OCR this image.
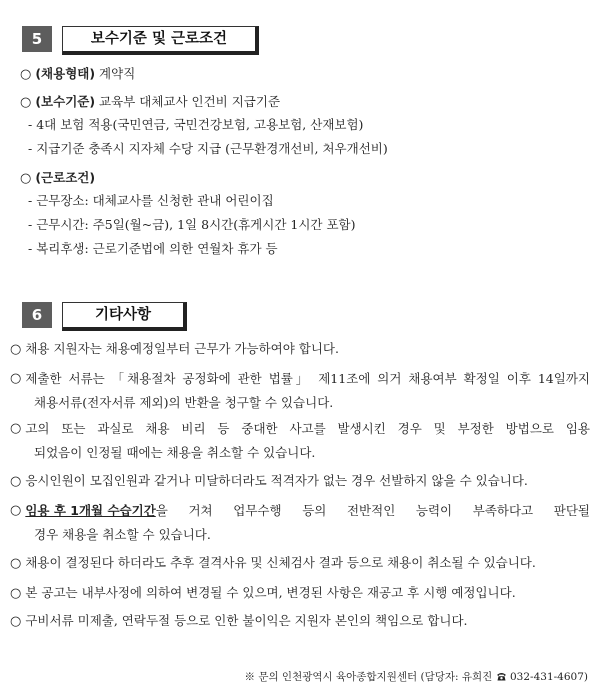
5	보수기준 및 근로조건
○ (채용형태) 계약직
○ (보수기준) 교육부 대체교사 인건비 지급기준
- 4대 보험 적용(국민연금, 국민건강보험, 고용보험, 산재보험)
- 지급기준 충족시 지자체 수당 지급 (근무환경개선비, 처우개선비)
○ (근로조건)
- 근무장소: 대체교사를 신청한 관내 어린이집
- 근무시간: 주5일(월~금), 1일 8시간(휴게시간 1시간 포함)
- 복리후생: 근로기준법에 의한 연월차 휴가 등
6	기타사항
○ 채용 지원자는 채용예정일부터 근무가 가능하여야 합니다.
○ 제출한 서류는 「채용절차 공정화에 관한 법률」 제11조에 의거 채용여부 확정일 이후 14일까지
채용서류(전자서류 제외)의 반환을 청구할 수 있습니다.
○ 고의 또는 과실로 채용 비리 등 중대한 사고를 발생시킨 경우 및 부정한 방법으로 임용
되었음이 인정될 때에는 채용을 취소할 수 있습니다.
○ 응시인원이 모집인원과 같거나 미달하더라도 적격자가 없는 경우 선발하지 않을 수 있습니다.
○ 임용 후 1개월 수습기간 을 거쳐 업무수행 등의 전반적인 능력이 부족하다고 판단될
경우 채용을 취소할 수 있습니다.
○ 채용이 결정된다 하더라도 추후 결격사유 및 신체검사 결과 등으로 채용이 취소될 수 있습니다.
○ 본 공고는 내부사정에 의하여 변경될 수 있으며, 변경된 사항은 재공고 후 시행 예정입니다.
○ 구비서류 미제출, 연락두절 등으로 인한 불이익은 지원자 본인의 책임으로 합니다.
※ 문의 인천광역시 육아종합지원센터 (담당자: 유희진 032-431-4607)
